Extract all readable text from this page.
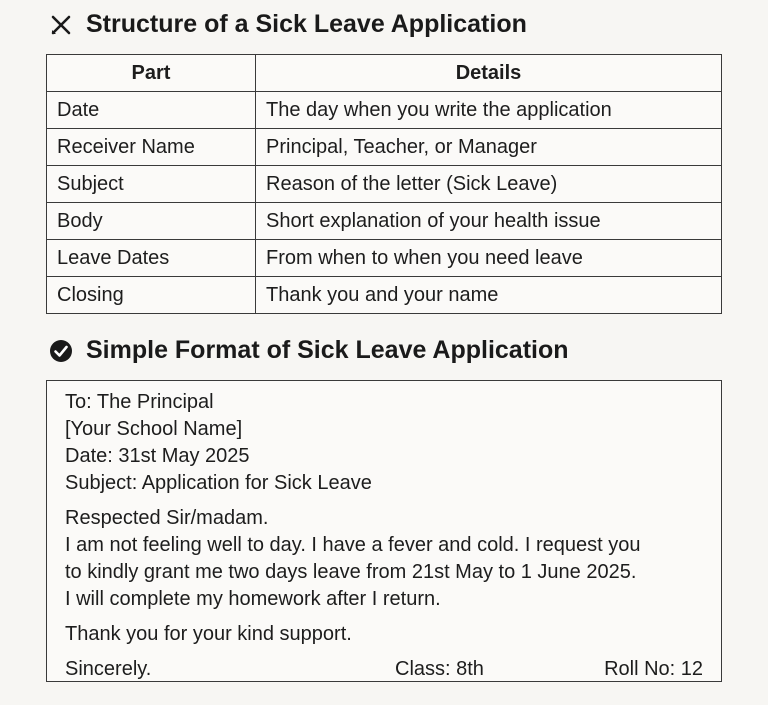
Structure of a Sick Leave Application
Part	Details
Date	The day when you write the application
Receiver Name	Principal, Teacher, or Manager
Subject	Reason of the letter (Sick Leave)
Body	Short explanation of your health issue
Leave Dates	From when to when you need leave
Closing	Thank you and your name
Simple Format of Sick Leave Application
To: The Principal
[Your School Name]
Date: 31st May 2025
Subject: Application for Sick Leave
Respected Sir/madam.
I am not feeling well to day. I have a fever and cold. I request you
to kindly grant me two days leave from 21st May to 1 June 2025.
I will complete my homework after I return.
Thank you for your kind support.
Sincerely.	Class: 8th	Roll No: 12
